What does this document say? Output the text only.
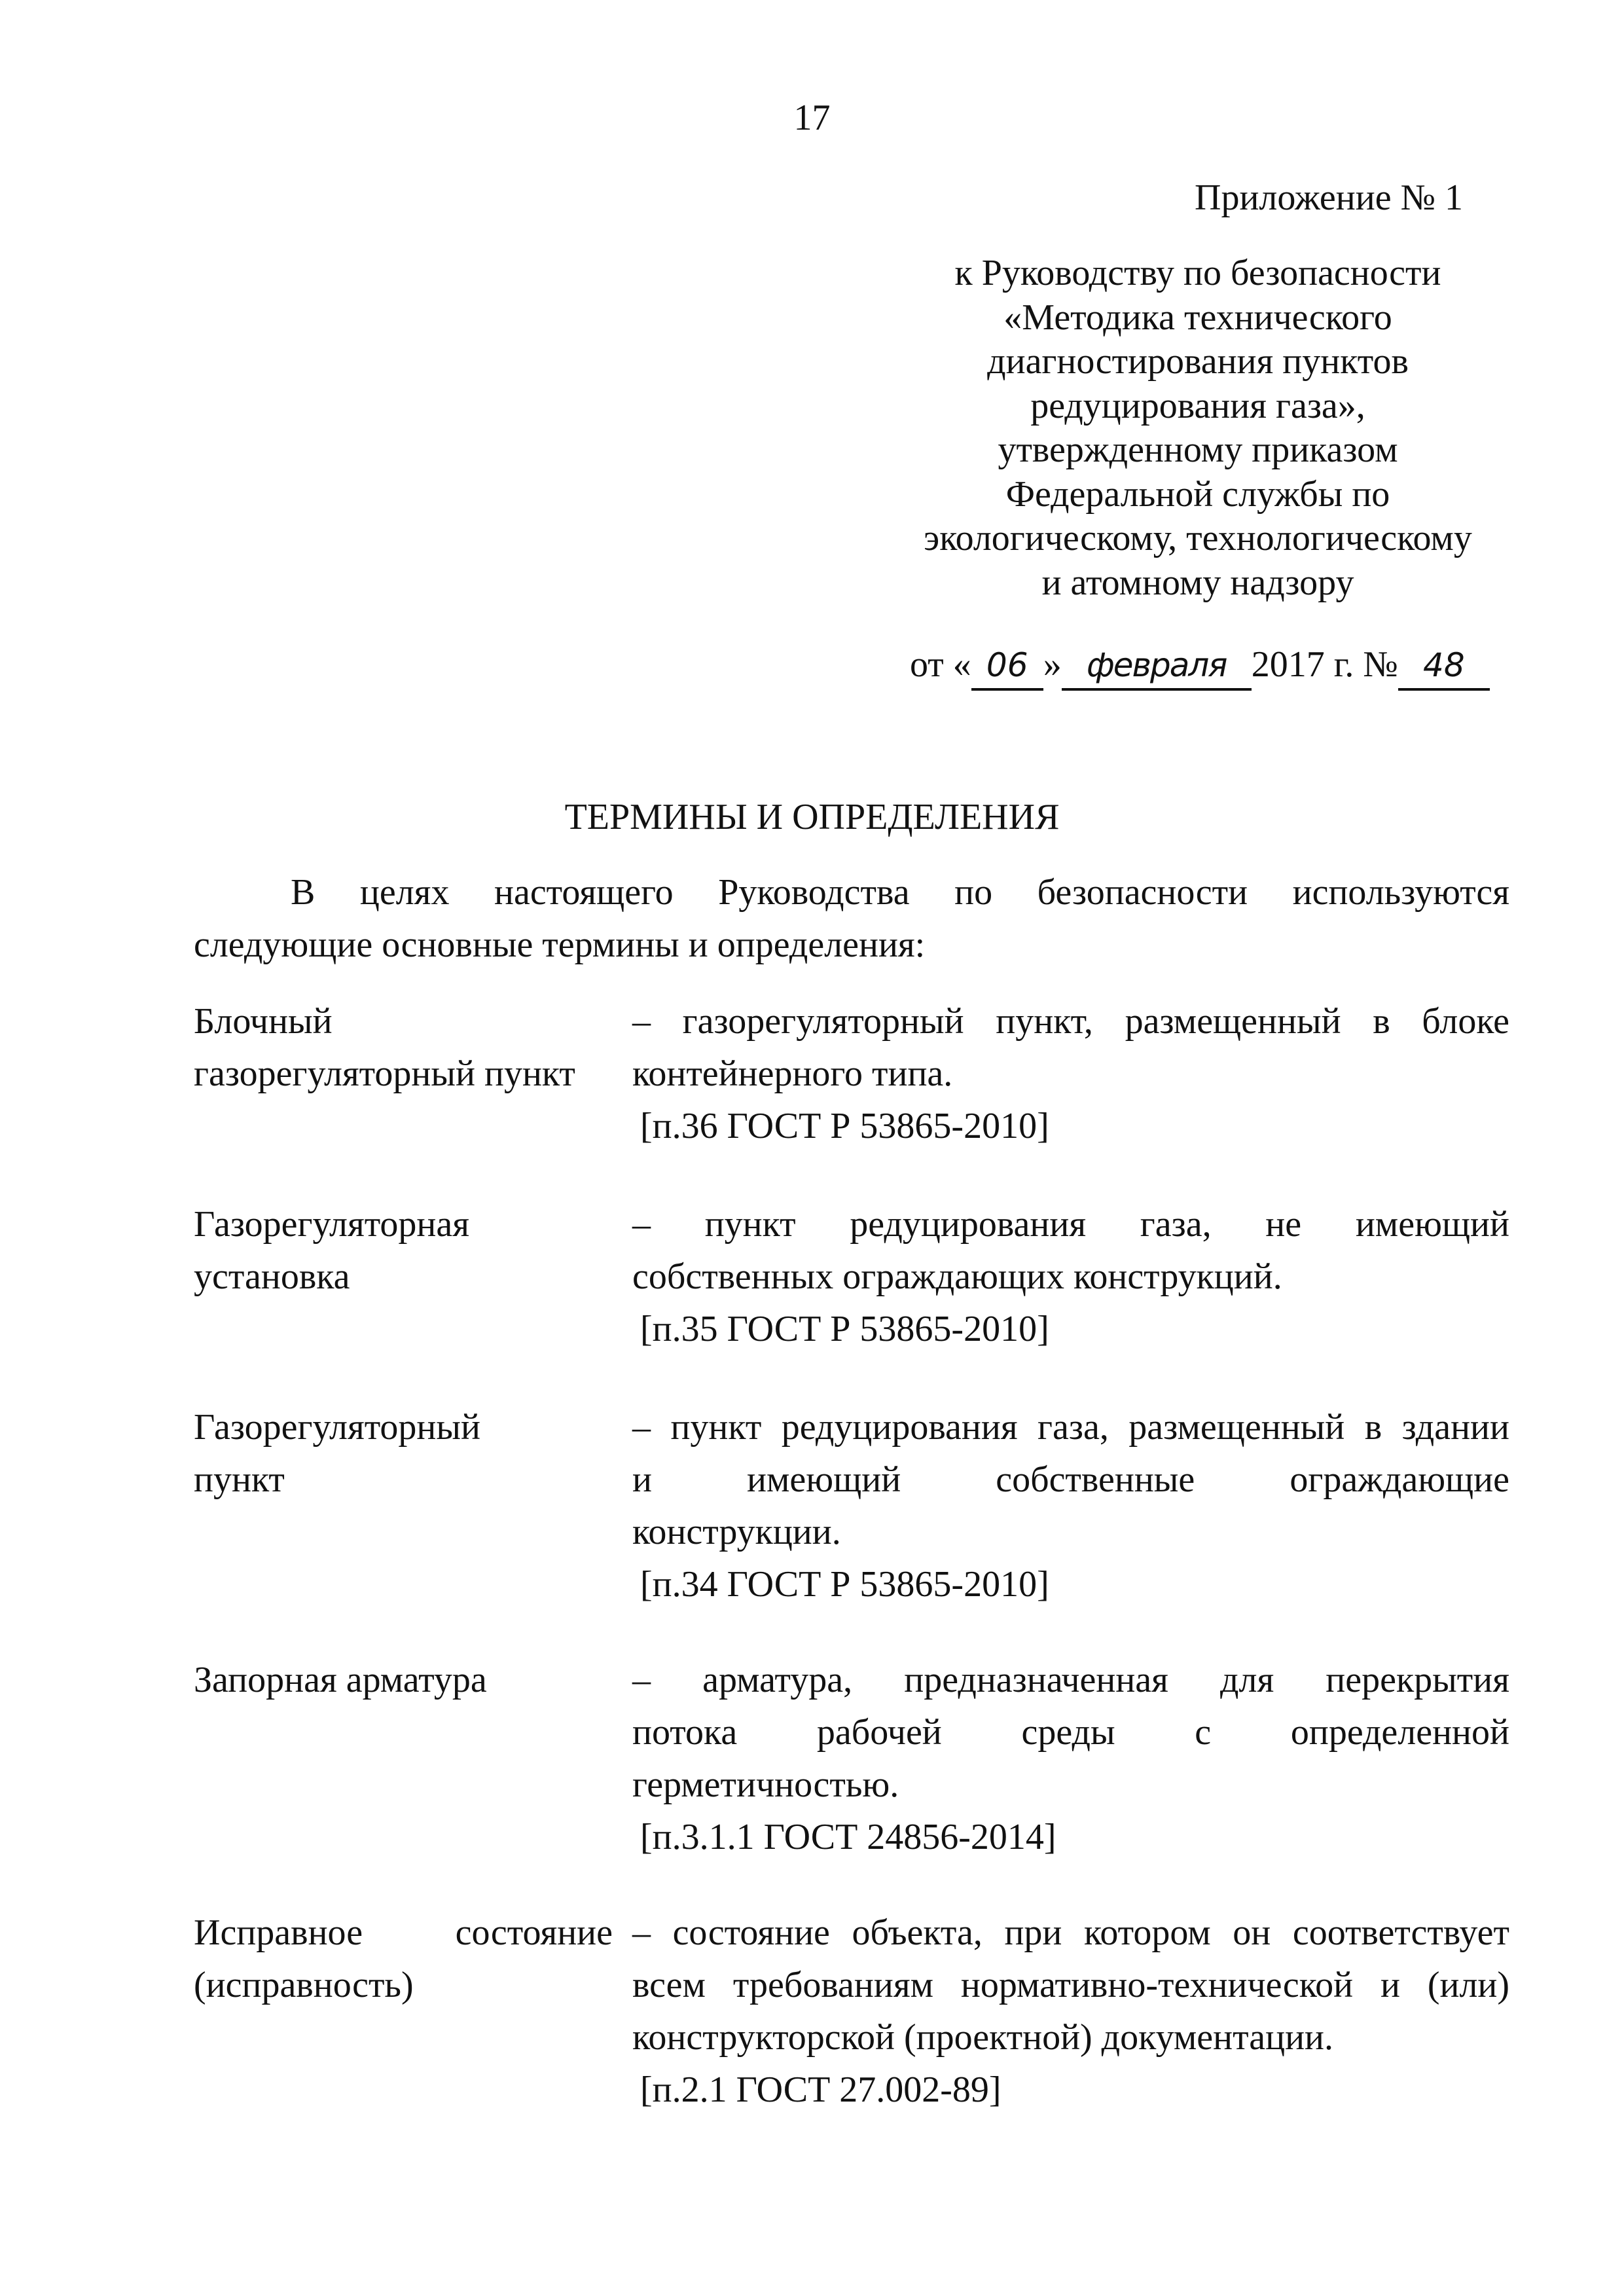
17
Приложение № 1
к Руководству по безопасности
«Методика технического
диагностирования пунктов
редуцирования газа»,
утвержденному приказом
Федеральной службы по
экологическому, технологическому
и атомному надзору
от « 06 » февраля 2017 г. № 48
ТЕРМИНЫ И ОПРЕДЕЛЕНИЯ
В целях настоящего Руководства по безопасности используются
следующие основные термины и определения:
Блочный
газорегуляторный пункт
– газорегуляторный пункт, размещенный в блоке
контейнерного типа.
[п.36 ГОСТ Р 53865-2010]
Газорегуляторная
установка
– пункт редуцирования газа, не имеющий
собственных ограждающих конструкций.
[п.35 ГОСТ Р 53865-2010]
Газорегуляторный
пункт
– пункт редуцирования газа, размещенный в здании
и имеющий собственные ограждающие
конструкции.
[п.34 ГОСТ Р 53865-2010]
Запорная арматура	– арматура, предназначенная для перекрытия
потока рабочей среды с определенной
герметичностью.
[п.3.1.1 ГОСТ 24856-2014]
Исправное состояние
(исправность)
– состояние объекта, при котором он соответствует
всем требованиям нормативно-технической и (или)
конструкторской (проектной) документации.
[п.2.1 ГОСТ 27.002-89]
